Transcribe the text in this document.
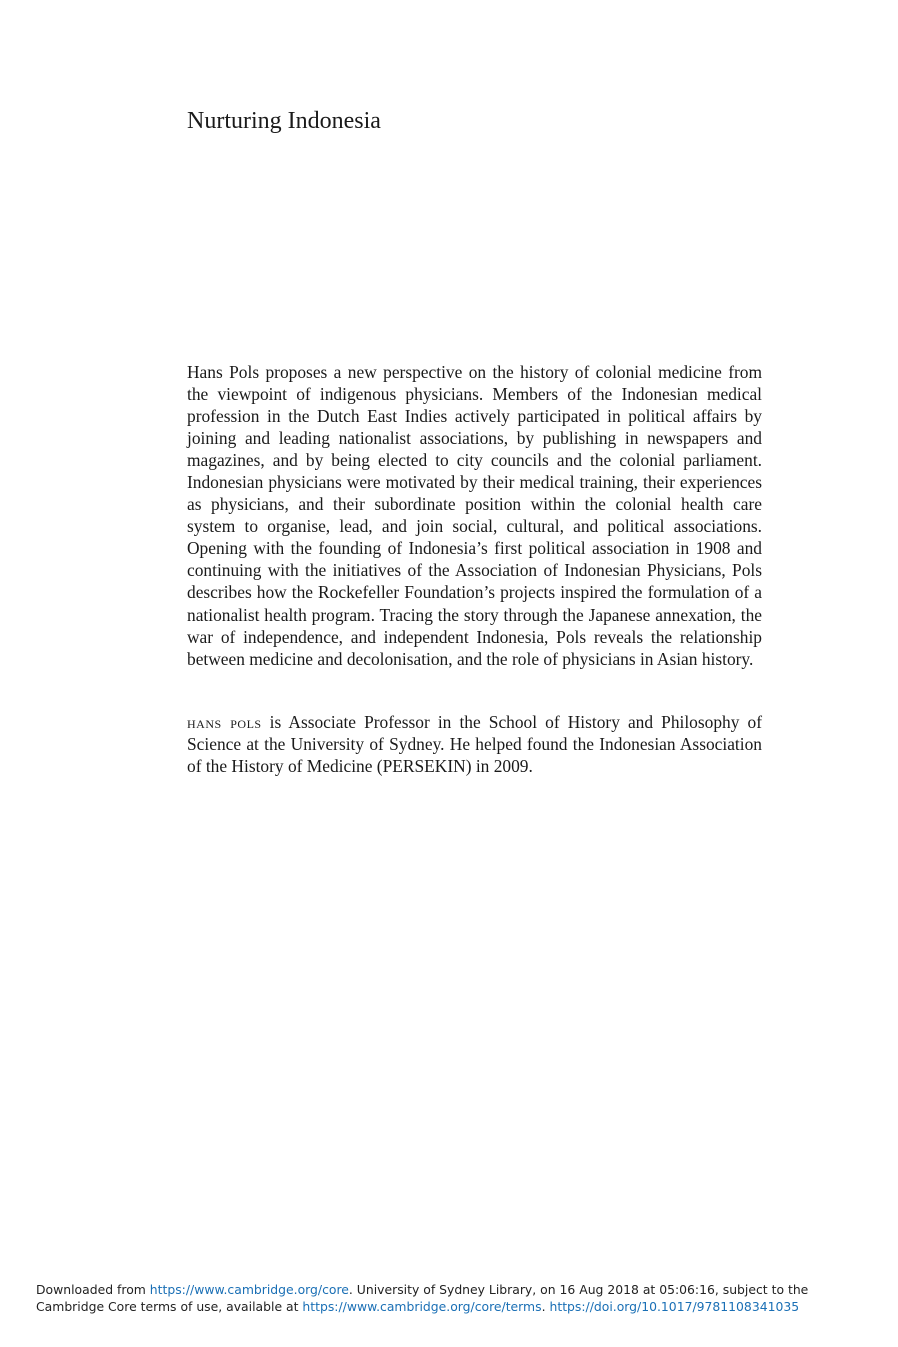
Nurturing Indonesia

Hans Pols proposes a new perspective on the history of colonial medicine from the viewpoint of indigenous physicians. Members of the Indonesian medical profession in the Dutch East Indies actively participated in political affairs by joining and leading nationalist associations, by publishing in newspapers and magazines, and by being elected to city councils and the colonial parliament. Indonesian physicians were motivated by their medical training, their experiences as physicians, and their subordinate position within the colonial health care system to organise, lead, and join social, cultural, and political associations. Opening with the founding of Indonesia’s first political association in 1908 and continuing with the initiatives of the Association of Indonesian Physicians, Pols describes how the Rockefeller Foundation’s projects inspired the formulation of a nationalist health program. Tracing the story through the Japanese annexation, the war of independence, and independent Indonesia, Pols reveals the relationship between medicine and decolonisation, and the role of physicians in Asian history.

hans pols is Associate Professor in the School of History and Philosophy of Science at the University of Sydney. He helped found the Indonesian Association of the History of Medicine (PERSEKIN) in 2009.

Downloaded from https://www.cambridge.org/core. University of Sydney Library, on 16 Aug 2018 at 05:06:16, subject to the Cambridge Core terms of use, available at https://www.cambridge.org/core/terms. https://doi.org/10.1017/9781108341035
